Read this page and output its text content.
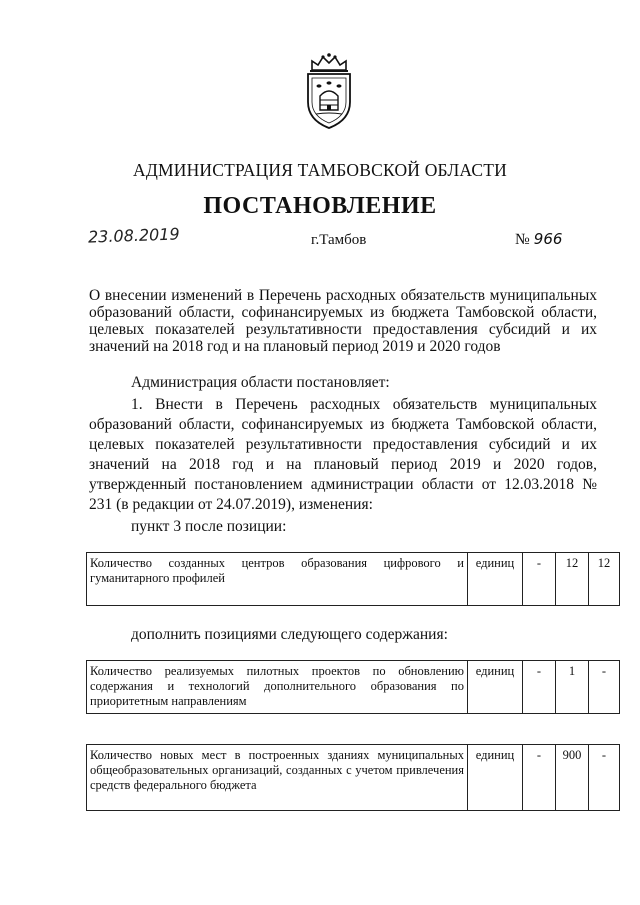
АДМИНИСТРАЦИЯ ТАМБОВСКОЙ ОБЛАСТИ
ПОСТАНОВЛЕНИЕ
23.08.2019	г.Тамбов	№ 966
О внесении изменений в Перечень расходных обязательств муниципальных образований области, софинансируемых из бюджета Тамбовской области, целевых показателей результативности предоставления субсидий и их значений на 2018 год и на плановый период 2019 и 2020 годов
Администрация области постановляет:
1. Внести в Перечень расходных обязательств муниципальных образований области, софинансируемых из бюджета Тамбовской области, целевых показателей результативности предоставления субсидий и их значений на 2018 год и на плановый период 2019 и 2020 годов, утвержденный постановлением администрации области от 12.03.2018 № 231 (в редакции от 24.07.2019), изменения:
пункт 3 после позиции:
Количество созданных центров образования цифрового и гуманитарного профилей	единиц	-	12	12
дополнить позициями следующего содержания:
Количество реализуемых пилотных проектов по обновлению содержания и технологий дополнительного образования по приоритетным направлениям	единиц	-	1	-
Количество новых мест в построенных зданиях муниципальных общеобразовательных организаций, созданных с учетом привлечения средств федерального бюджета	единиц	-	900	-
